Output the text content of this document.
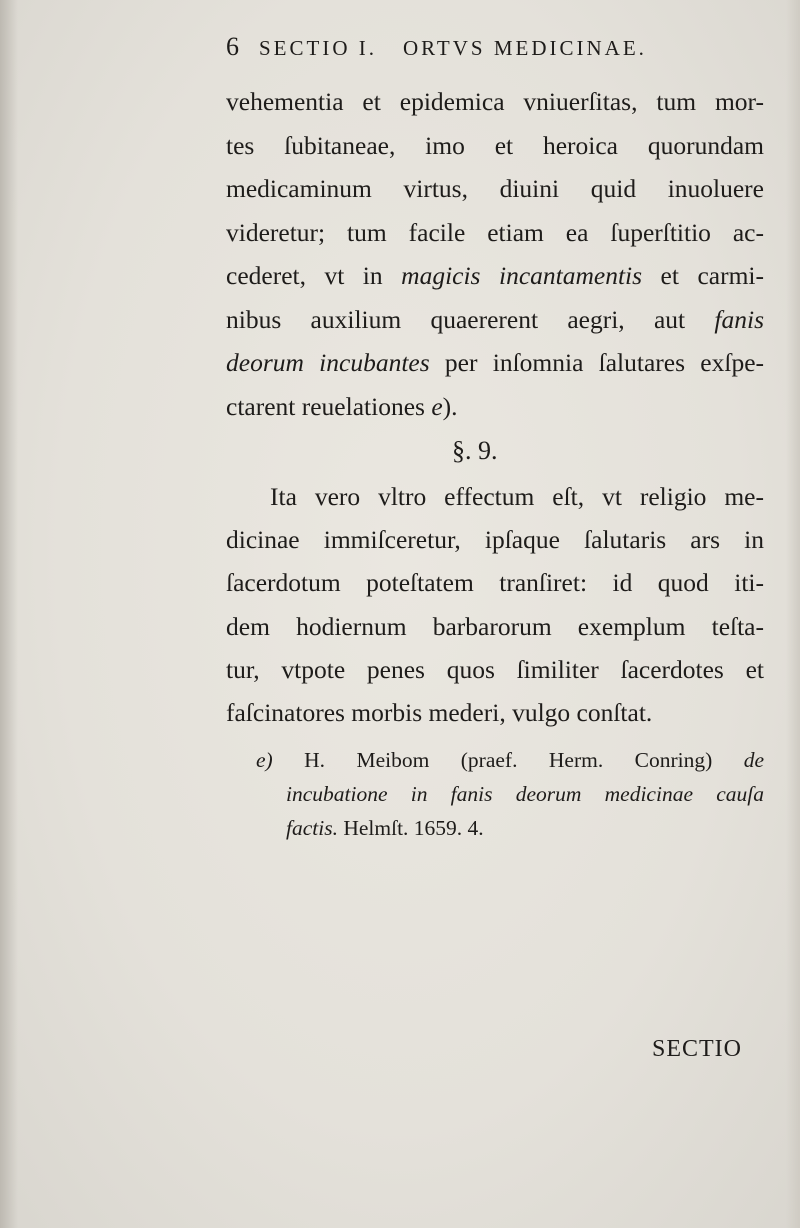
6 SECTIO I. ORTVS MEDICINAE.
vehementia et epidemica vniuerſitas, tum mor-
tes ſubitaneae, imo et heroica quorundam
medicaminum virtus, diuini quid inuoluere
videretur; tum facile etiam ea ſuperſtitio ac-
cederet, vt in magicis incantamentis et carmi-
nibus auxilium quaererent aegri, aut fanis
deorum incubantes per inſomnia ſalutares exſpe-
ctarent reuelationes e).
§. 9.
Ita vero vltro effectum eſt, vt religio me-
dicinae immiſceretur, ipſaque ſalutaris ars in
ſacerdotum poteſtatem tranſiret: id quod iti-
dem hodiernum barbarorum exemplum teſta-
tur, vtpote penes quos ſimiliter ſacerdotes et
faſcinatores morbis mederi, vulgo conſtat.
e) H. Meibom (praef. Herm. Conring) de
incubatione in fanis deorum medicinae cauſa
factis. Helmſt. 1659. 4.
SECTIO
